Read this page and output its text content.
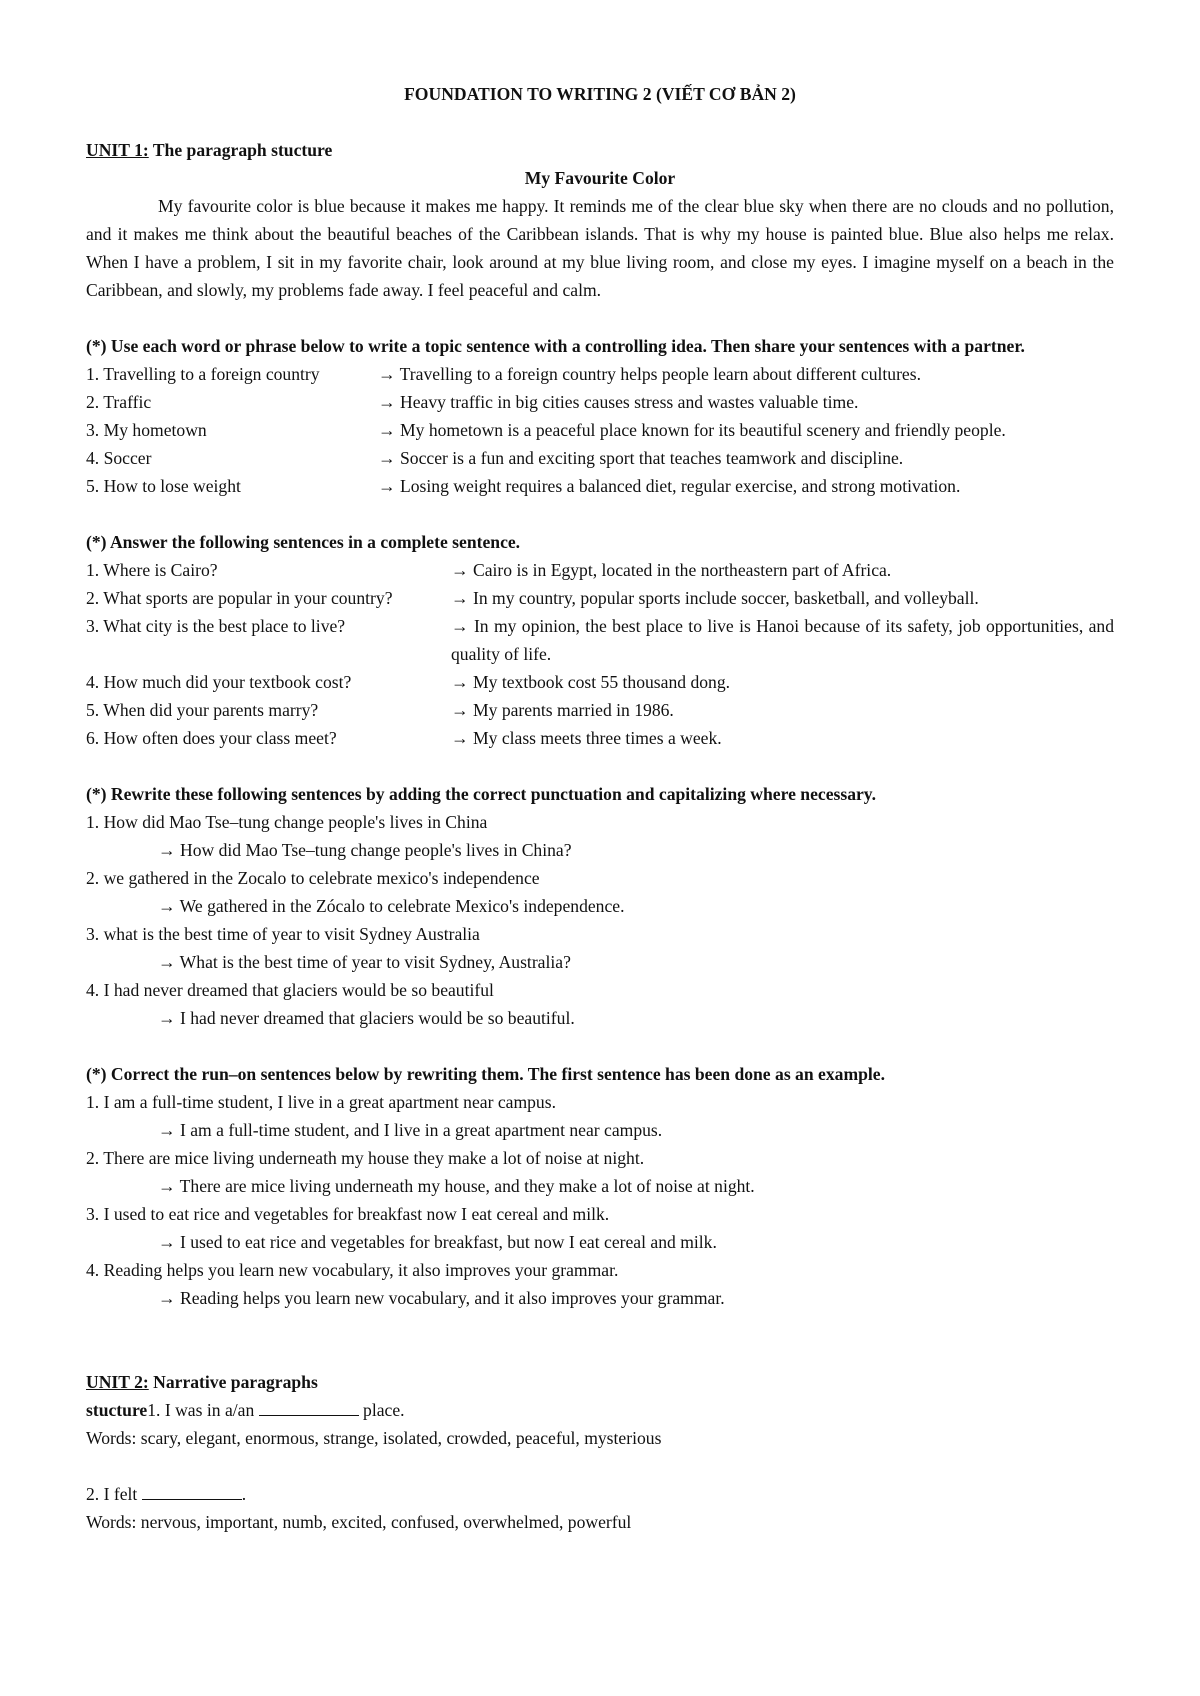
FOUNDATION TO WRITING 2 (VIẾT CƠ BẢN 2)
UNIT 1: The paragraph stucture
My Favourite Color

My favourite color is blue because it makes me happy. It reminds me of the clear blue sky when there are no clouds and no pollution, and it makes me think about the beautiful beaches of the Caribbean islands. That is why my house is painted blue. Blue also helps me relax. When I have a problem, I sit in my favorite chair, look around at my blue living room, and close my eyes. I imagine myself on a beach in the Caribbean, and slowly, my problems fade away. I feel peaceful and calm.

(*) Use each word or phrase below to write a topic sentence with a controlling idea. Then share your sentences with a partner.
1. Travelling to a foreign country	→ Travelling to a foreign country helps people learn about different cultures.
2. Traffic	→ Heavy traffic in big cities causes stress and wastes valuable time.
3. My hometown	→ My hometown is a peaceful place known for its beautiful scenery and friendly people.
4. Soccer	→ Soccer is a fun and exciting sport that teaches teamwork and discipline.
5. How to lose weight	→ Losing weight requires a balanced diet, regular exercise, and strong motivation.
(*) Answer the following sentences in a complete sentence.
1. Where is Cairo?	→ Cairo is in Egypt, located in the northeastern part of Africa.
2. What sports are popular in your country?	→ In my country, popular sports include soccer, basketball, and volleyball.
3. What city is the best place to live?	→ In my opinion, the best place to live is Hanoi because of its safety, job opportunities, and quality of life.
4. How much did your textbook cost?	→ My textbook cost 55 thousand dong.
5. When did your parents marry?	→ My parents married in 1986.
6. How often does your class meet?	→ My class meets three times a week.
(*) Rewrite these following sentences by adding the correct punctuation and capitalizing where necessary.
1. How did Mao Tse–tung change people's lives in China
→ How did Mao Tse–tung change people's lives in China?
2. we gathered in the Zocalo to celebrate mexico's independence
→ We gathered in the Zócalo to celebrate Mexico's independence.
3. what is the best time of year to visit Sydney Australia
→ What is the best time of year to visit Sydney, Australia?
4. I had never dreamed that glaciers would be so beautiful
→ I had never dreamed that glaciers would be so beautiful.
(*) Correct the run–on sentences below by rewriting them. The first sentence has been done as an example.
1. I am a full-time student, I live in a great apartment near campus.
→ I am a full-time student, and I live in a great apartment near campus.
2. There are mice living underneath my house they make a lot of noise at night.
→ There are mice living underneath my house, and they make a lot of noise at night.
3. I used to eat rice and vegetables for breakfast now I eat cereal and milk.
→ I used to eat rice and vegetables for breakfast, but now I eat cereal and milk.
4. Reading helps you learn new vocabulary, it also improves your grammar.
→ Reading helps you learn new vocabulary, and it also improves your grammar.
UNIT 2: Narrative paragraphs
stucture1. I was in a/an	place.
Words: scary, elegant, enormous, strange, isolated, crowded, peaceful, mysterious
2. I felt	.
Words: nervous, important, numb, excited, confused, overwhelmed, powerful
